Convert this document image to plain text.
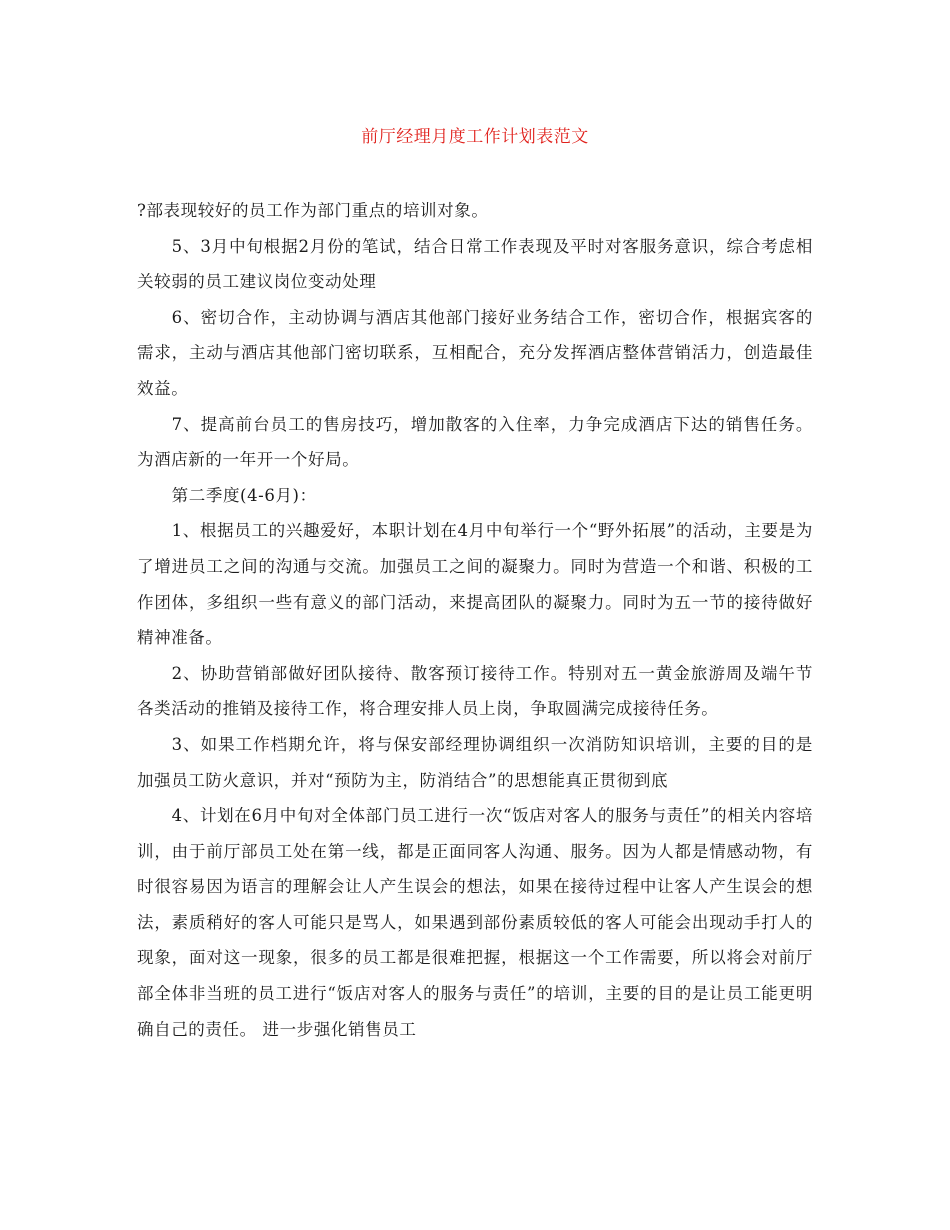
前厅经理月度工作计划表范文

?部表现较好的员工作为部门重点的培训对象。

5、3月中旬根据2月份的笔试，结合日常工作表现及平时对客服务意识，综合考虑相关较弱的员工建议岗位变动处理

6、密切合作，主动协调与酒店其他部门接好业务结合工作，密切合作，根据宾客的需求，主动与酒店其他部门密切联系，互相配合，充分发挥酒店整体营销活力，创造最佳效益。

7、提高前台员工的售房技巧，增加散客的入住率，力争完成酒店下达的销售任务。为酒店新的一年开一个好局。

第二季度(4-6月)：

1、根据员工的兴趣爱好，本职计划在4月中旬举行一个“野外拓展”的活动，主要是为了增进员工之间的沟通与交流。加强员工之间的凝聚力。同时为营造一个和谐、积极的工作团体，多组织一些有意义的部门活动，来提高团队的凝聚力。同时为五一节的接待做好精神准备。

2、协助营销部做好团队接待、散客预订接待工作。特别对五一黄金旅游周及端午节各类活动的推销及接待工作，将合理安排人员上岗，争取圆满完成接待任务。

3、如果工作档期允许，将与保安部经理协调组织一次消防知识培训，主要的目的是加强员工防火意识，并对“预防为主，防消结合”的思想能真正贯彻到底

4、计划在6月中旬对全体部门员工进行一次“饭店对客人的服务与责任”的相关内容培训，由于前厅部员工处在第一线，都是正面同客人沟通、服务。因为人都是情感动物，有时很容易因为语言的理解会让人产生误会的想法，如果在接待过程中让客人产生误会的想法，素质稍好的客人可能只是骂人，如果遇到部份素质较低的客人可能会出现动手打人的现象，面对这一现象，很多的员工都是很难把握，根据这一个工作需要，所以将会对前厅部全体非当班的员工进行“饭店对客人的服务与责任”的培训，主要的目的是让员工能更明确自己的责任。 进一步强化销售员工
